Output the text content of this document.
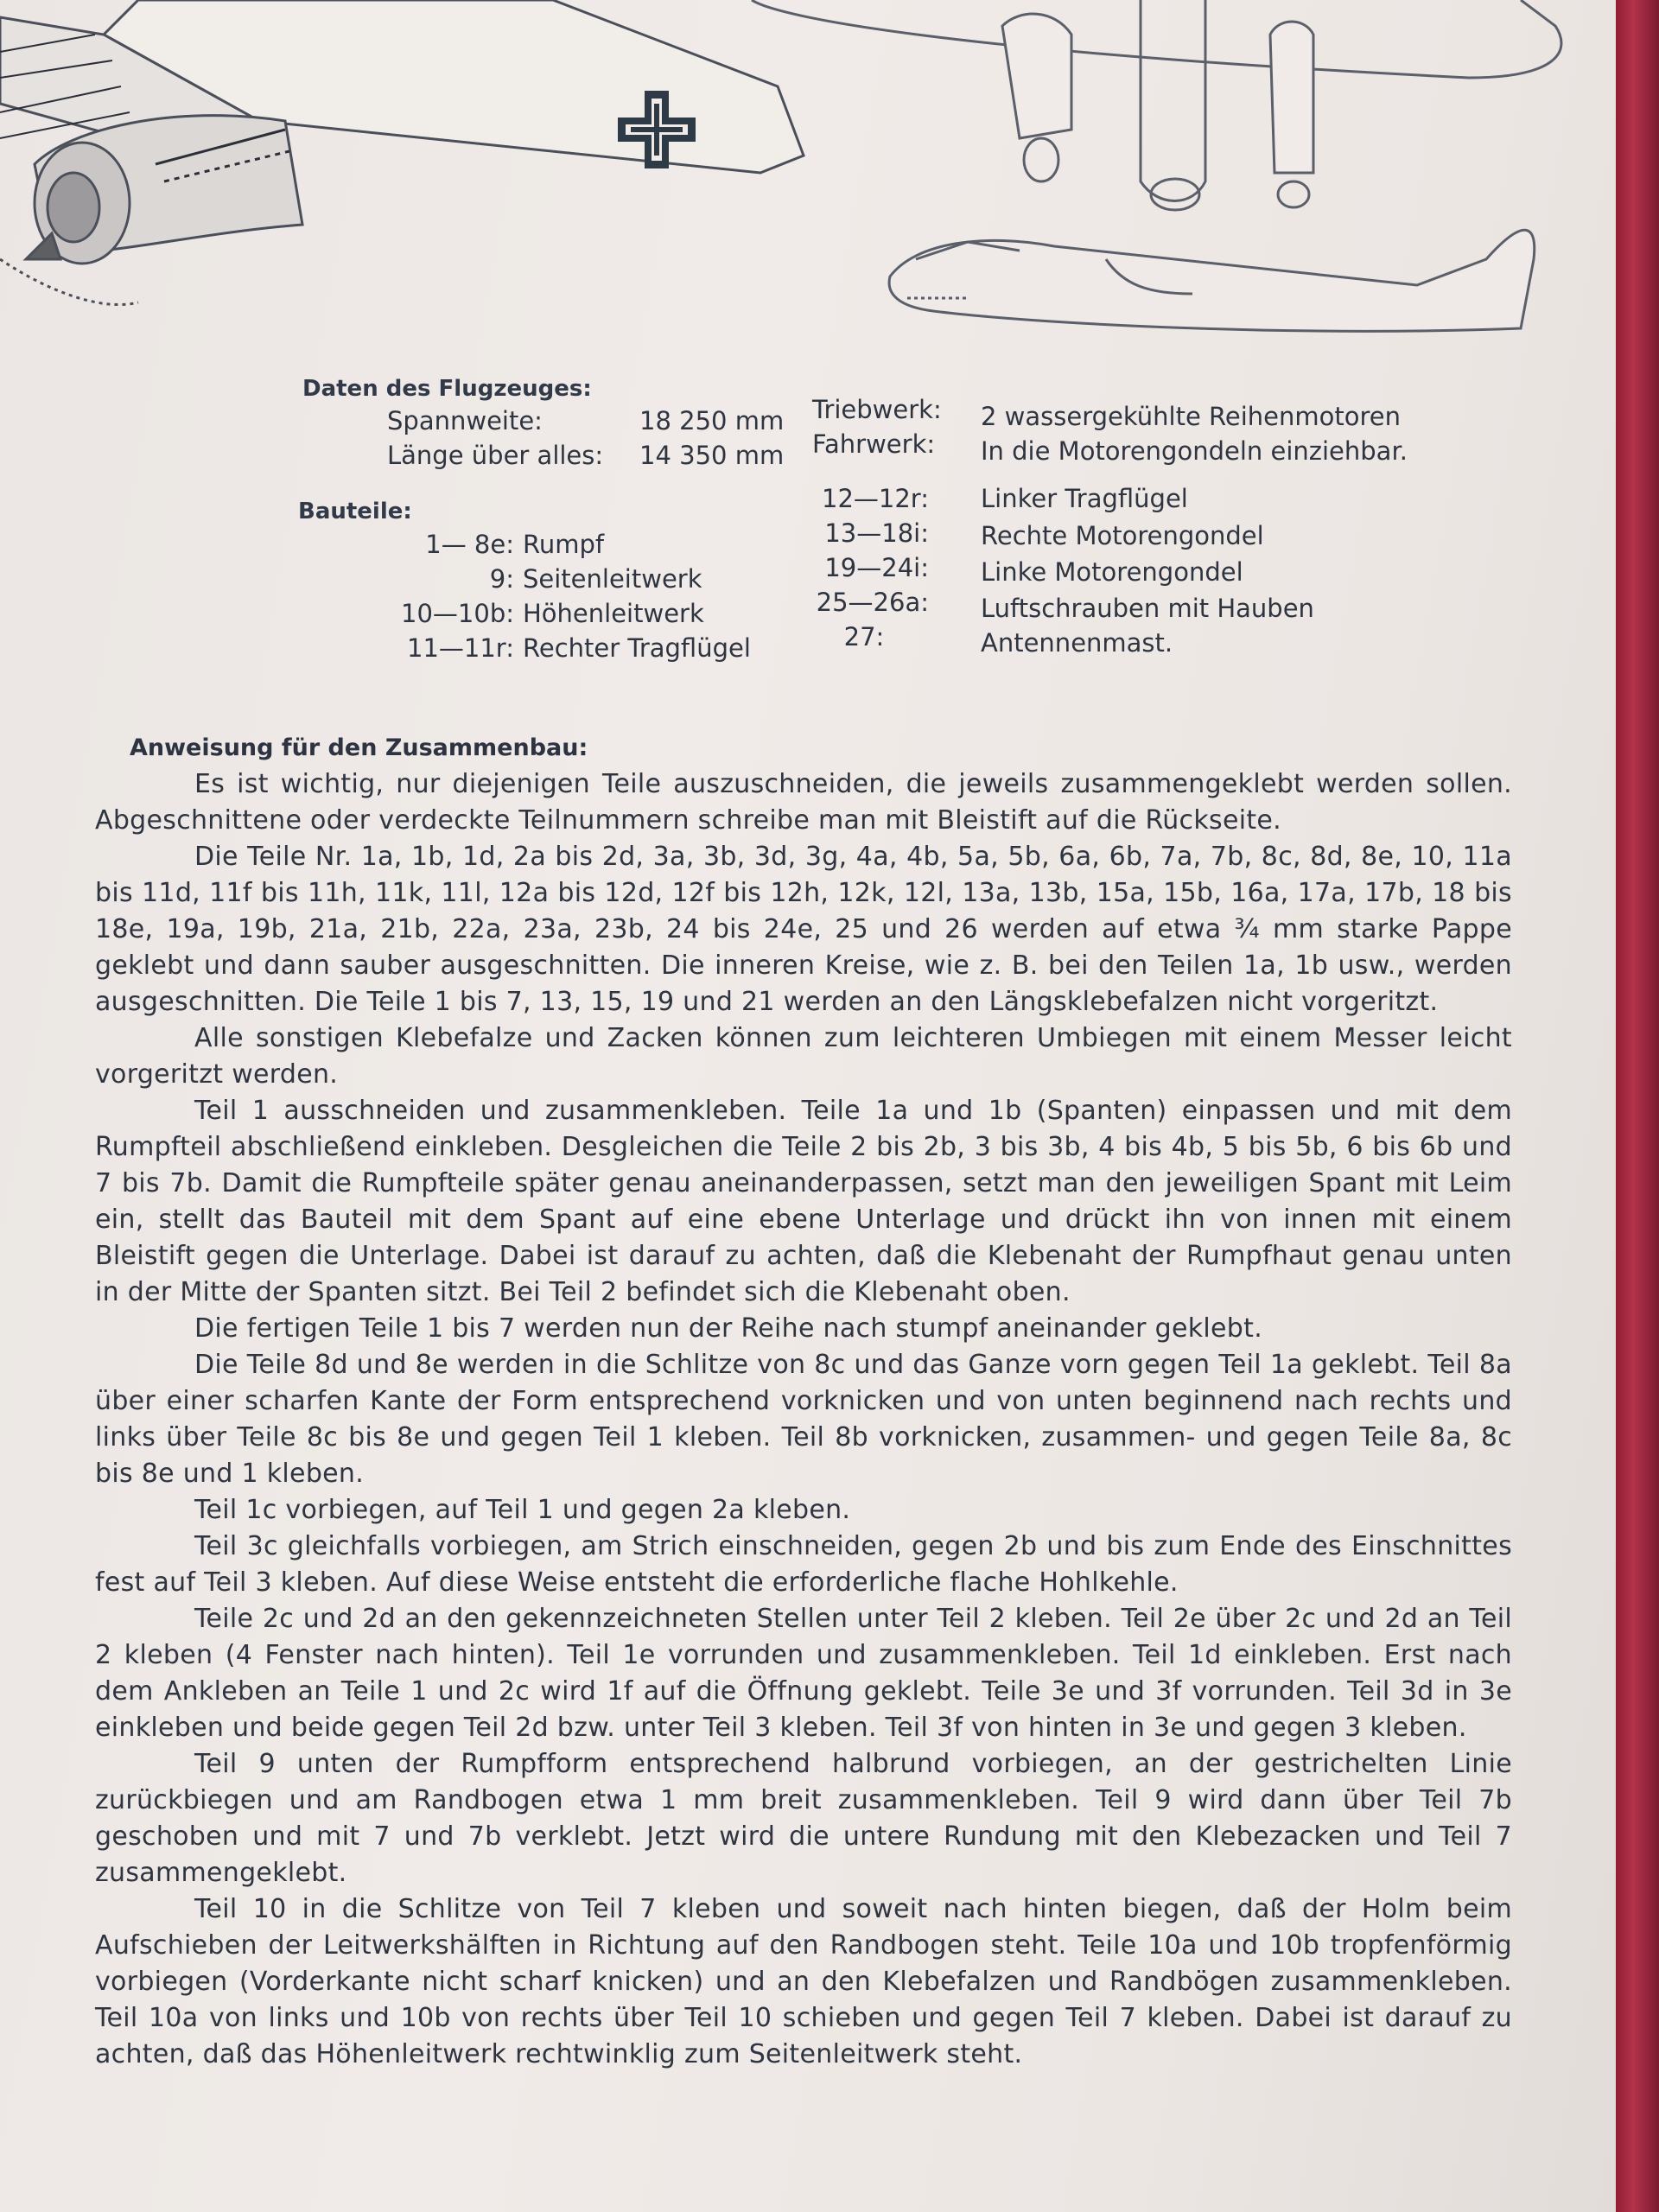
Daten des Flugzeuges:
Spannweite:	18 250 mm
Länge über alles: 14 350 mm
Triebwerk: 2 wassergekühlte Reihenmotoren
Fahrwerk: In die Motorengondeln einziehbar.
Bauteile:
1— 8e: Rumpf
9: Seitenleitwerk
10—10b: Höhenleitwerk
11—11r: Rechter Tragflügel
12—12r: Linker Tragflügel
13—18i: Rechte Motorengondel
19—24i: Linke Motorengondel
25—26a: Luftschrauben mit Hauben
27:	Antennenmast.
Anweisung für den Zusammenbau:

Es ist wichtig, nur diejenigen Teile auszuschneiden, die jeweils zusammengeklebt werden sollen. Abgeschnittene oder verdeckte Teilnummern schreibe man mit Bleistift auf die Rückseite.

Die Teile Nr. 1a, 1b, 1d, 2a bis 2d, 3a, 3b, 3d, 3g, 4a, 4b, 5a, 5b, 6a, 6b, 7a, 7b, 8c, 8d, 8e, 10, 11a bis 11d, 11f bis 11h, 11k, 11l, 12a bis 12d, 12f bis 12h, 12k, 12l, 13a, 13b, 15a, 15b, 16a, 17a, 17b, 18 bis 18e, 19a, 19b, 21a, 21b, 22a, 23a, 23b, 24 bis 24e, 25 und 26 werden auf etwa ¾ mm starke Pappe geklebt und dann sauber ausgeschnitten. Die inneren Kreise, wie z. B. bei den Teilen 1a, 1b usw., werden ausgeschnitten. Die Teile 1 bis 7, 13, 15, 19 und 21 werden an den Längsklebefalzen nicht vorgeritzt.

Alle sonstigen Klebefalze und Zacken können zum leichteren Umbiegen mit einem Messer leicht vorgeritzt werden.

Teil 1 ausschneiden und zusammenkleben. Teile 1a und 1b (Spanten) einpassen und mit dem Rumpfteil abschließend einkleben. Desgleichen die Teile 2 bis 2b, 3 bis 3b, 4 bis 4b, 5 bis 5b, 6 bis 6b und 7 bis 7b. Damit die Rumpfteile später genau aneinanderpassen, setzt man den jeweiligen Spant mit Leim ein, stellt das Bauteil mit dem Spant auf eine ebene Unterlage und drückt ihn von innen mit einem Bleistift gegen die Unterlage. Dabei ist darauf zu achten, daß die Klebenaht der Rumpfhaut genau unten in der Mitte der Spanten sitzt. Bei Teil 2 befindet sich die Klebenaht oben.

Die fertigen Teile 1 bis 7 werden nun der Reihe nach stumpf aneinander geklebt.

Die Teile 8d und 8e werden in die Schlitze von 8c und das Ganze vorn gegen Teil 1a geklebt. Teil 8a über einer scharfen Kante der Form entsprechend vorknicken und von unten beginnend nach rechts und links über Teile 8c bis 8e und gegen Teil 1 kleben. Teil 8b vorknicken, zusammen- und gegen Teile 8a, 8c bis 8e und 1 kleben.

Teil 1c vorbiegen, auf Teil 1 und gegen 2a kleben.

Teil 3c gleichfalls vorbiegen, am Strich einschneiden, gegen 2b und bis zum Ende des Einschnittes fest auf Teil 3 kleben. Auf diese Weise entsteht die erforderliche flache Hohlkehle.

Teile 2c und 2d an den gekennzeichneten Stellen unter Teil 2 kleben. Teil 2e über 2c und 2d an Teil 2 kleben (4 Fenster nach hinten). Teil 1e vorrunden und zusammenkleben. Teil 1d einkleben. Erst nach dem Ankleben an Teile 1 und 2c wird 1f auf die Öffnung geklebt. Teile 3e und 3f vorrunden. Teil 3d in 3e einkleben und beide gegen Teil 2d bzw. unter Teil 3 kleben. Teil 3f von hinten in 3e und gegen 3 kleben.

Teil 9 unten der Rumpfform entsprechend halbrund vorbiegen, an der gestrichelten Linie zurückbiegen und am Randbogen etwa 1 mm breit zusammenkleben. Teil 9 wird dann über Teil 7b geschoben und mit 7 und 7b verklebt. Jetzt wird die untere Rundung mit den Klebezacken und Teil 7 zusammengeklebt.

Teil 10 in die Schlitze von Teil 7 kleben und soweit nach hinten biegen, daß der Holm beim Aufschieben der Leitwerkshälften in Richtung auf den Randbogen steht. Teile 10a und 10b tropfenförmig vorbiegen (Vorderkante nicht scharf knicken) und an den Klebefalzen und Randbögen zusammenkleben. Teil 10a von links und 10b von rechts über Teil 10 schieben und gegen Teil 7 kleben. Dabei ist darauf zu achten, daß das Höhenleitwerk rechtwinklig zum Seitenleitwerk steht.
